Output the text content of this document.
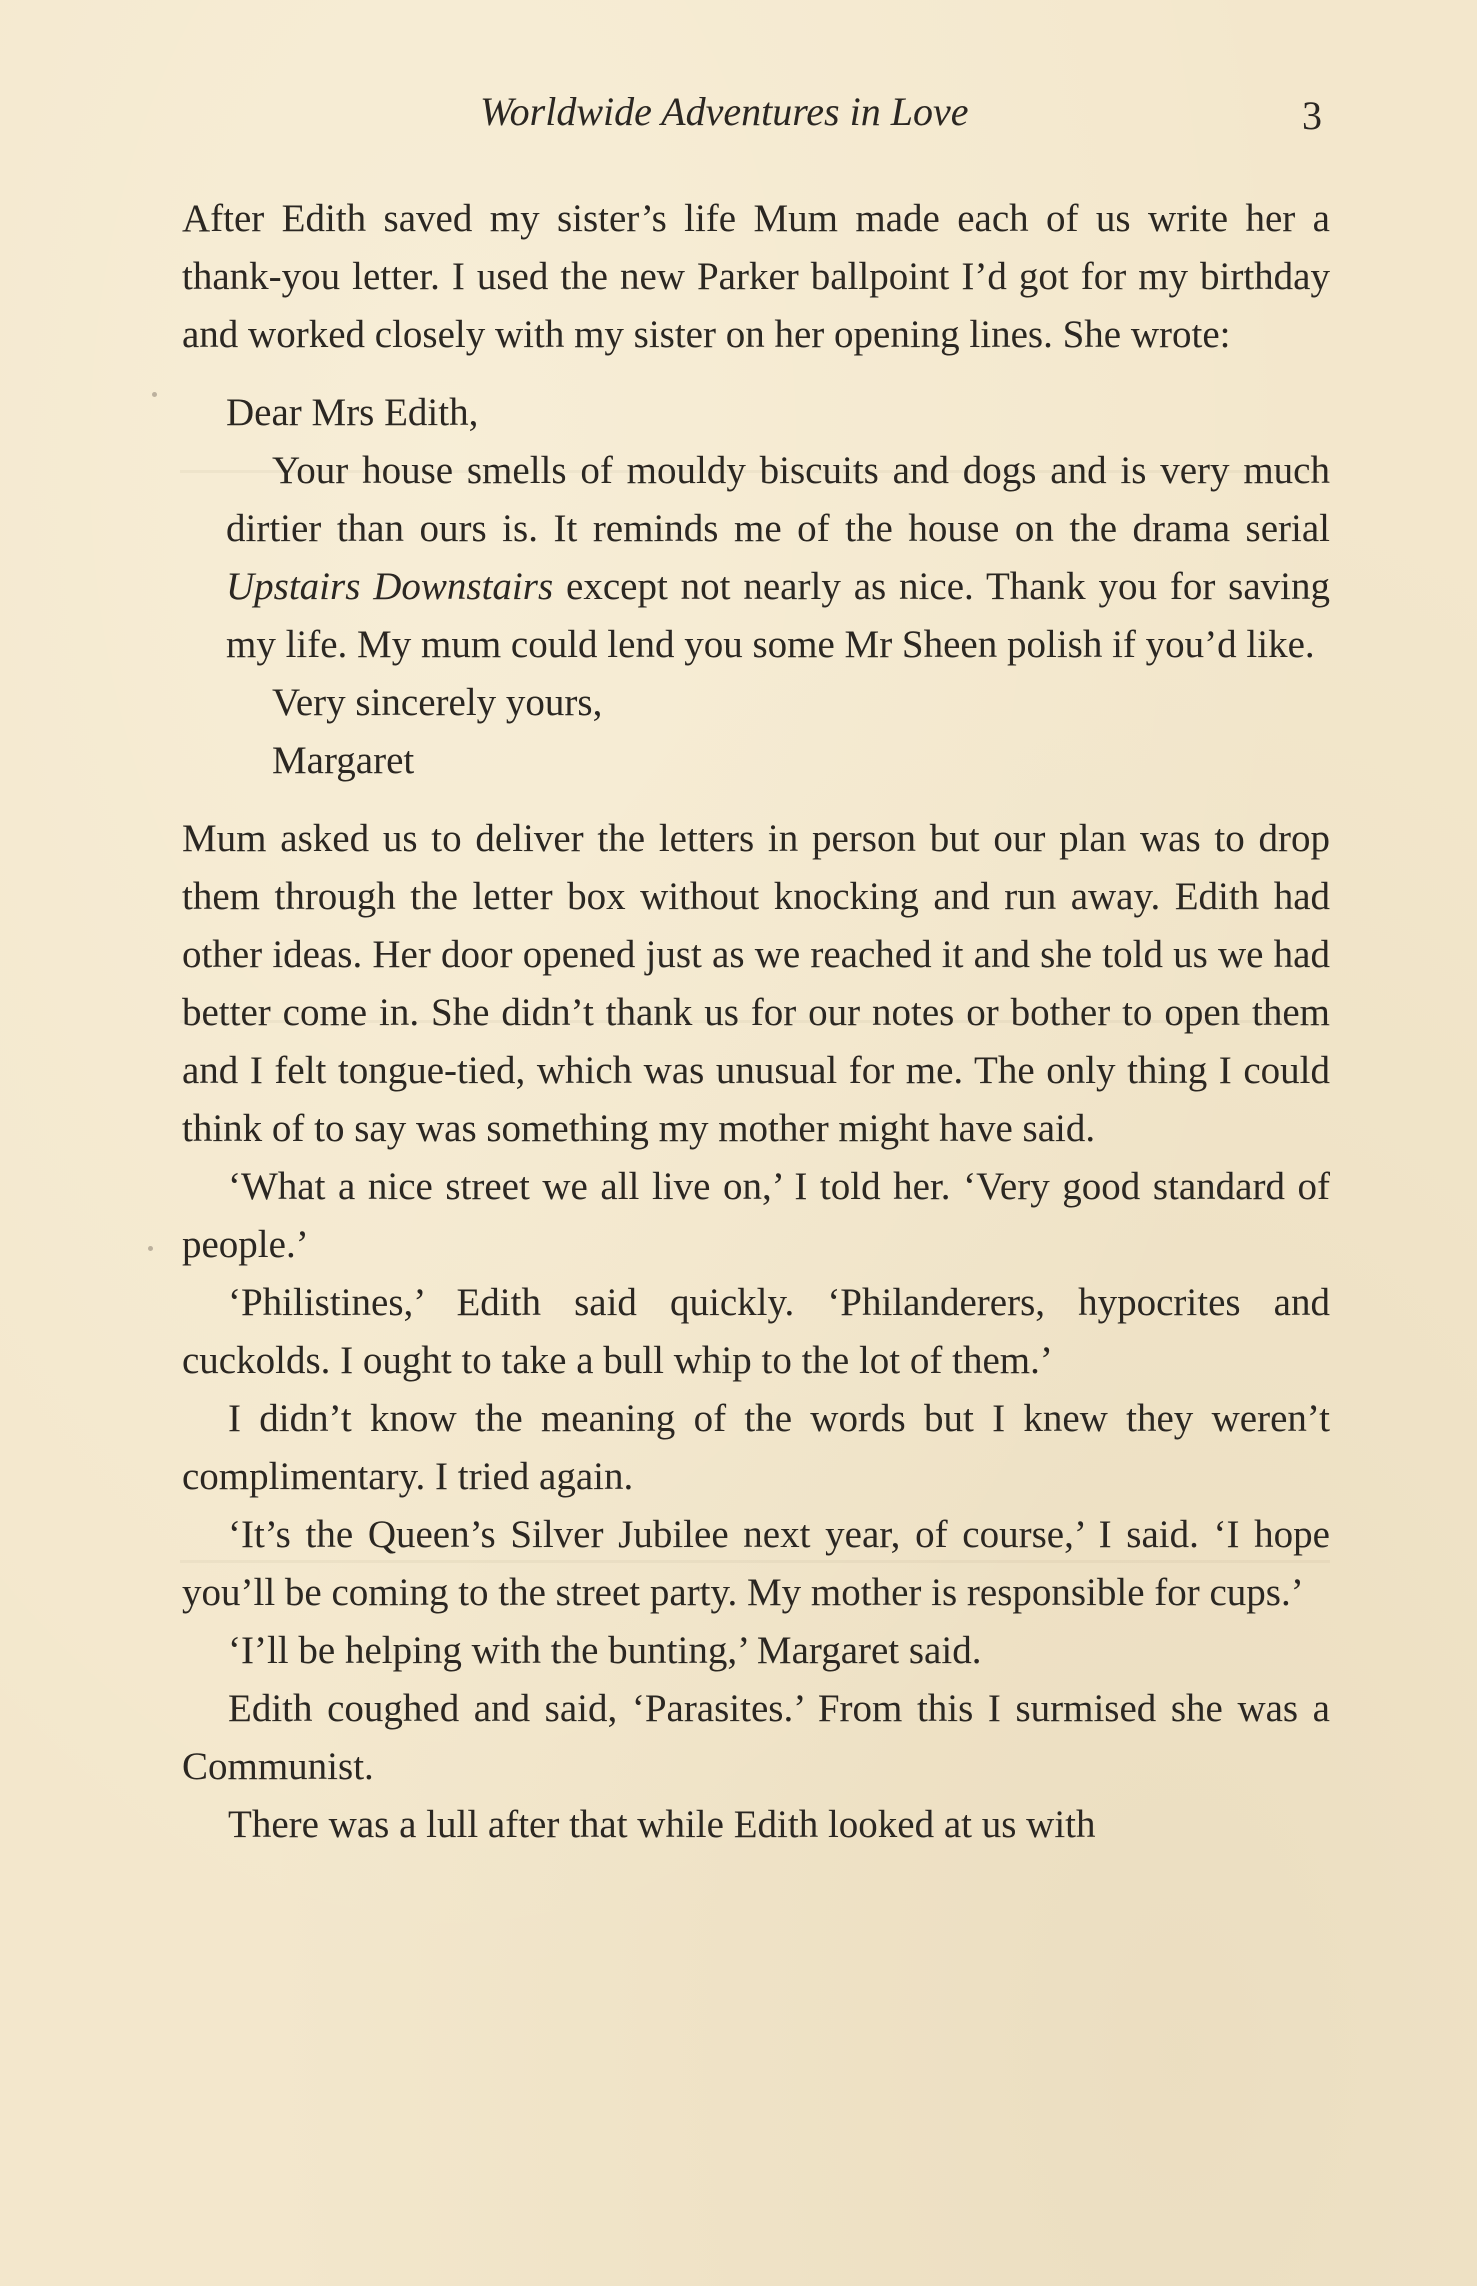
Worldwide Adventures in Love	3

After Edith saved my sister’s life Mum made each of us write her a thank-you letter. I used the new Parker ballpoint I’d got for my birthday and worked closely with my sister on her opening lines. She wrote:

Dear Mrs Edith,

Your house smells of mouldy biscuits and dogs and is very much dirtier than ours is. It reminds me of the house on the drama serial Upstairs Downstairs except not nearly as nice. Thank you for saving my life. My mum could lend you some Mr Sheen polish if you’d like.

Very sincerely yours,

Margaret

Mum asked us to deliver the letters in person but our plan was to drop them through the letter box without knocking and run away. Edith had other ideas. Her door opened just as we reached it and she told us we had better come in. She didn’t thank us for our notes or bother to open them and I felt tongue-tied, which was unusual for me. The only thing I could think of to say was something my mother might have said.

‘What a nice street we all live on,’ I told her. ‘Very good standard of people.’

‘Philistines,’ Edith said quickly. ‘Philanderers, hypocrites and cuckolds. I ought to take a bull whip to the lot of them.’

I didn’t know the meaning of the words but I knew they weren’t complimentary. I tried again.

‘It’s the Queen’s Silver Jubilee next year, of course,’ I said. ‘I hope you’ll be coming to the street party. My mother is responsible for cups.’

‘I’ll be helping with the bunting,’ Margaret said.

Edith coughed and said, ‘Parasites.’ From this I surmised she was a Communist.

There was a lull after that while Edith looked at us with
